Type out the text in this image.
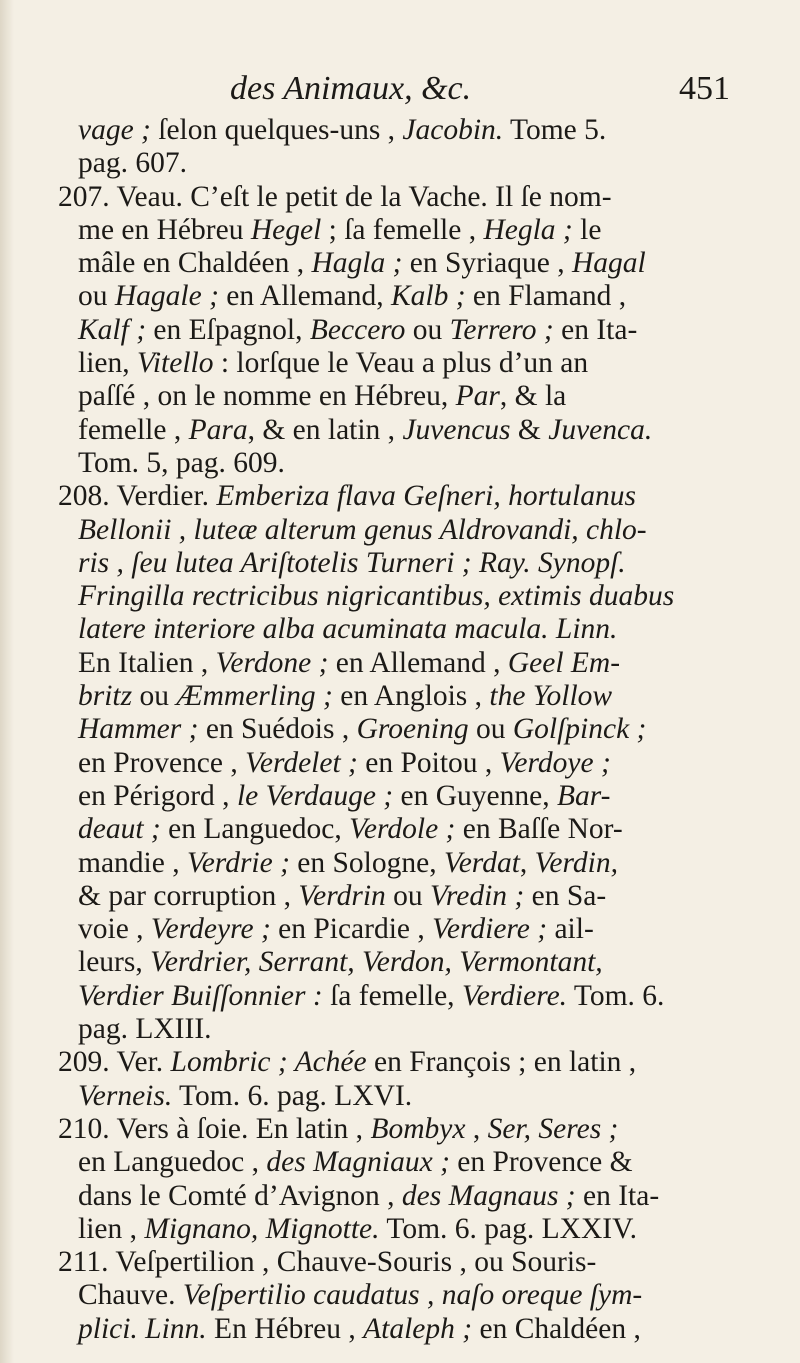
des Animaux, &c.	451
vage ; ſelon quelques-uns , Jacobin. Tome 5.
pag. 607.
207. Veau. C’eſt le petit de la Vache. Il ſe nom-
me en Hébreu Hegel ; ſa femelle , Hegla ; le
mâle en Chaldéen , Hagla ; en Syriaque , Hagal
ou Hagale ; en Allemand, Kalb ; en Flamand ,
Kalf ; en Eſpagnol, Beccero ou Terrero ; en Ita-
lien, Vitello : lorſque le Veau a plus d’un an
paſſé , on le nomme en Hébreu, Par, & la
femelle , Para, & en latin , Juvencus & Juvenca.
Tom. 5, pag. 609.
208. Verdier. Emberiza flava Geſneri, hortulanus
Bellonii , luteæ alterum genus Aldrovandi, chlo-
ris , ſeu lutea Ariſtotelis Turneri ; Ray. Synopſ.
Fringilla rectricibus nigricantibus, extimis duabus
latere interiore alba acuminata macula. Linn.
En Italien , Verdone ; en Allemand , Geel Em-
britz ou Æmmerling ; en Anglois , the Yollow
Hammer ; en Suédois , Groening ou Golſpinck ;
en Provence , Verdelet ; en Poitou , Verdoye ;
en Périgord , le Verdauge ; en Guyenne, Bar-
deaut ; en Languedoc, Verdole ; en Baſſe Nor-
mandie , Verdrie ; en Sologne, Verdat, Verdin,
& par corruption , Verdrin ou Vredin ; en Sa-
voie , Verdeyre ; en Picardie , Verdiere ; ail-
leurs, Verdrier, Serrant, Verdon, Vermontant,
Verdier Buiſſonnier : ſa femelle, Verdiere. Tom. 6.
pag. LXIII.
209. Ver. Lombric ; Achée en François ; en latin ,
Verneis. Tom. 6. pag. LXVI.
210. Vers à ſoie. En latin , Bombyx , Ser, Seres ;
en Languedoc , des Magniaux ; en Provence &
dans le Comté d’Avignon , des Magnaus ; en Ita-
lien , Mignano, Mignotte. Tom. 6. pag. LXXIV.
211. Veſpertilion , Chauve-Souris , ou Souris-
Chauve. Veſpertilio caudatus , naſo oreque ſym-
plici. Linn. En Hébreu , Ataleph ; en Chaldéen ,
